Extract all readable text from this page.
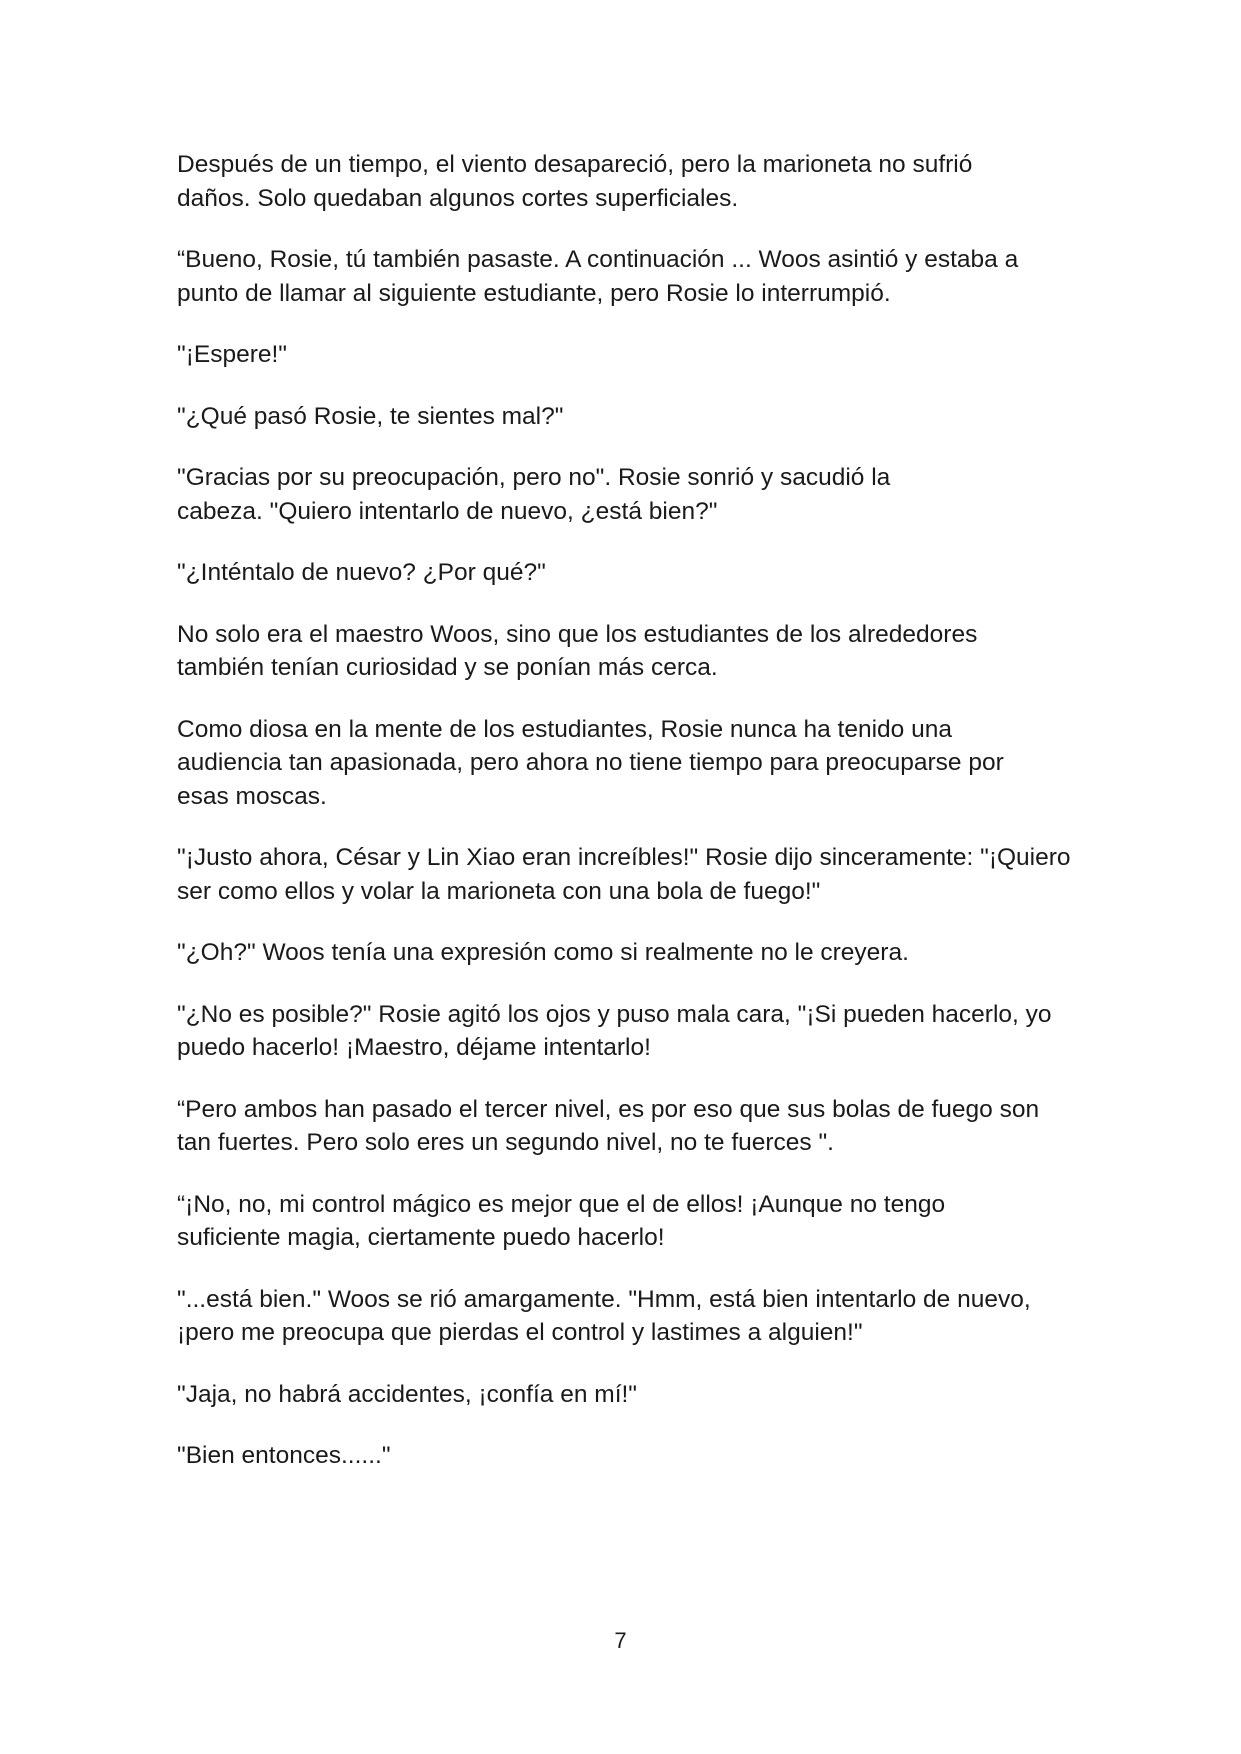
Después de un tiempo, el viento desapareció, pero la marioneta no sufrió
daños. Solo quedaban algunos cortes superficiales.

“Bueno, Rosie, tú también pasaste. A continuación ... Woos asintió y estaba a
punto de llamar al siguiente estudiante, pero Rosie lo interrumpió.

"¡Espere!"

"¿Qué pasó Rosie, te sientes mal?"

"Gracias por su preocupación, pero no". Rosie sonrió y sacudió la
cabeza. "Quiero intentarlo de nuevo, ¿está bien?"

"¿Inténtalo de nuevo? ¿Por qué?"

No solo era el maestro Woos, sino que los estudiantes de los alrededores
también tenían curiosidad y se ponían más cerca.

Como diosa en la mente de los estudiantes, Rosie nunca ha tenido una
audiencia tan apasionada, pero ahora no tiene tiempo para preocuparse por
esas moscas.

"¡Justo ahora, César y Lin Xiao eran increíbles!" Rosie dijo sinceramente: "¡Quiero
ser como ellos y volar la marioneta con una bola de fuego!"

"¿Oh?" Woos tenía una expresión como si realmente no le creyera.

"¿No es posible?" Rosie agitó los ojos y puso mala cara, "¡Si pueden hacerlo, yo
puedo hacerlo! ¡Maestro, déjame intentarlo!

“Pero ambos han pasado el tercer nivel, es por eso que sus bolas de fuego son
tan fuertes. Pero solo eres un segundo nivel, no te fuerces ".

“¡No, no, mi control mágico es mejor que el de ellos! ¡Aunque no tengo
suficiente magia, ciertamente puedo hacerlo!

"...está bien." Woos se rió amargamente. "Hmm, está bien intentarlo de nuevo,
¡pero me preocupa que pierdas el control y lastimes a alguien!"

"Jaja, no habrá accidentes, ¡confía en mí!"

"Bien entonces......"

7
